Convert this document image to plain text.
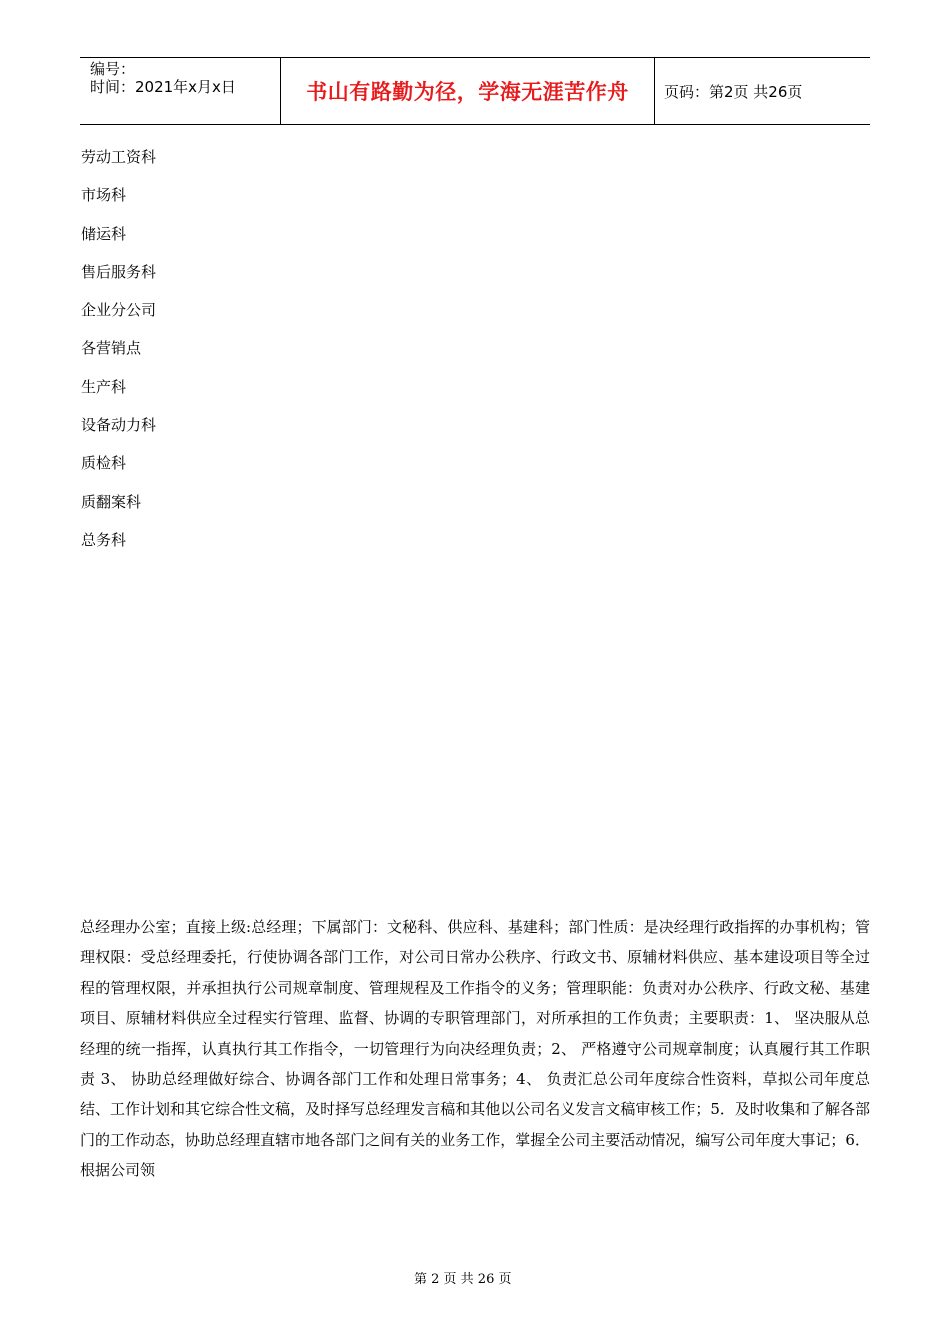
编号：
时间：2021年x月x日	书山有路勤为径，学海无涯苦作舟	页码：第2页 共26页
劳动工资科
市场科
储运科
售后服务科
企业分公司
各营销点
生产科
设备动力科
质检科
质翻案科
总务科

总经理办公室；直接上级:总经理；下属部门：文秘科、供应科、基建科；部门性质：是决经理行政指挥的办事机构；管理权限：受总经理委托，行使协调各部门工作，对公司日常办公秩序、行政文书、原辅材料供应、基本建设项目等全过程的管理权限，并承担执行公司规章制度、管理规程及工作指令的义务；管理职能：负责对办公秩序、行政文秘、基建项目、原辅材料供应全过程实行管理、监督、协调的专职管理部门，对所承担的工作负责；主要职责：1、 坚决服从总经理的统一指挥，认真执行其工作指令，一切管理行为向决经理负责；2、 严格遵守公司规章制度；认真履行其工作职责 3、 协助总经理做好综合、协调各部门工作和处理日常事务；4、 负责汇总公司年度综合性资料，草拟公司年度总结、工作计划和其它综合性文稿，及时择写总经理发言稿和其他以公司名义发言文稿审核工作；5．及时收集和了解各部门的工作动态，协助总经理直辖市地各部门之间有关的业务工作，掌握全公司主要活动情况，编写公司年度大事记；6．根据公司领

第 2 页 共 26 页
